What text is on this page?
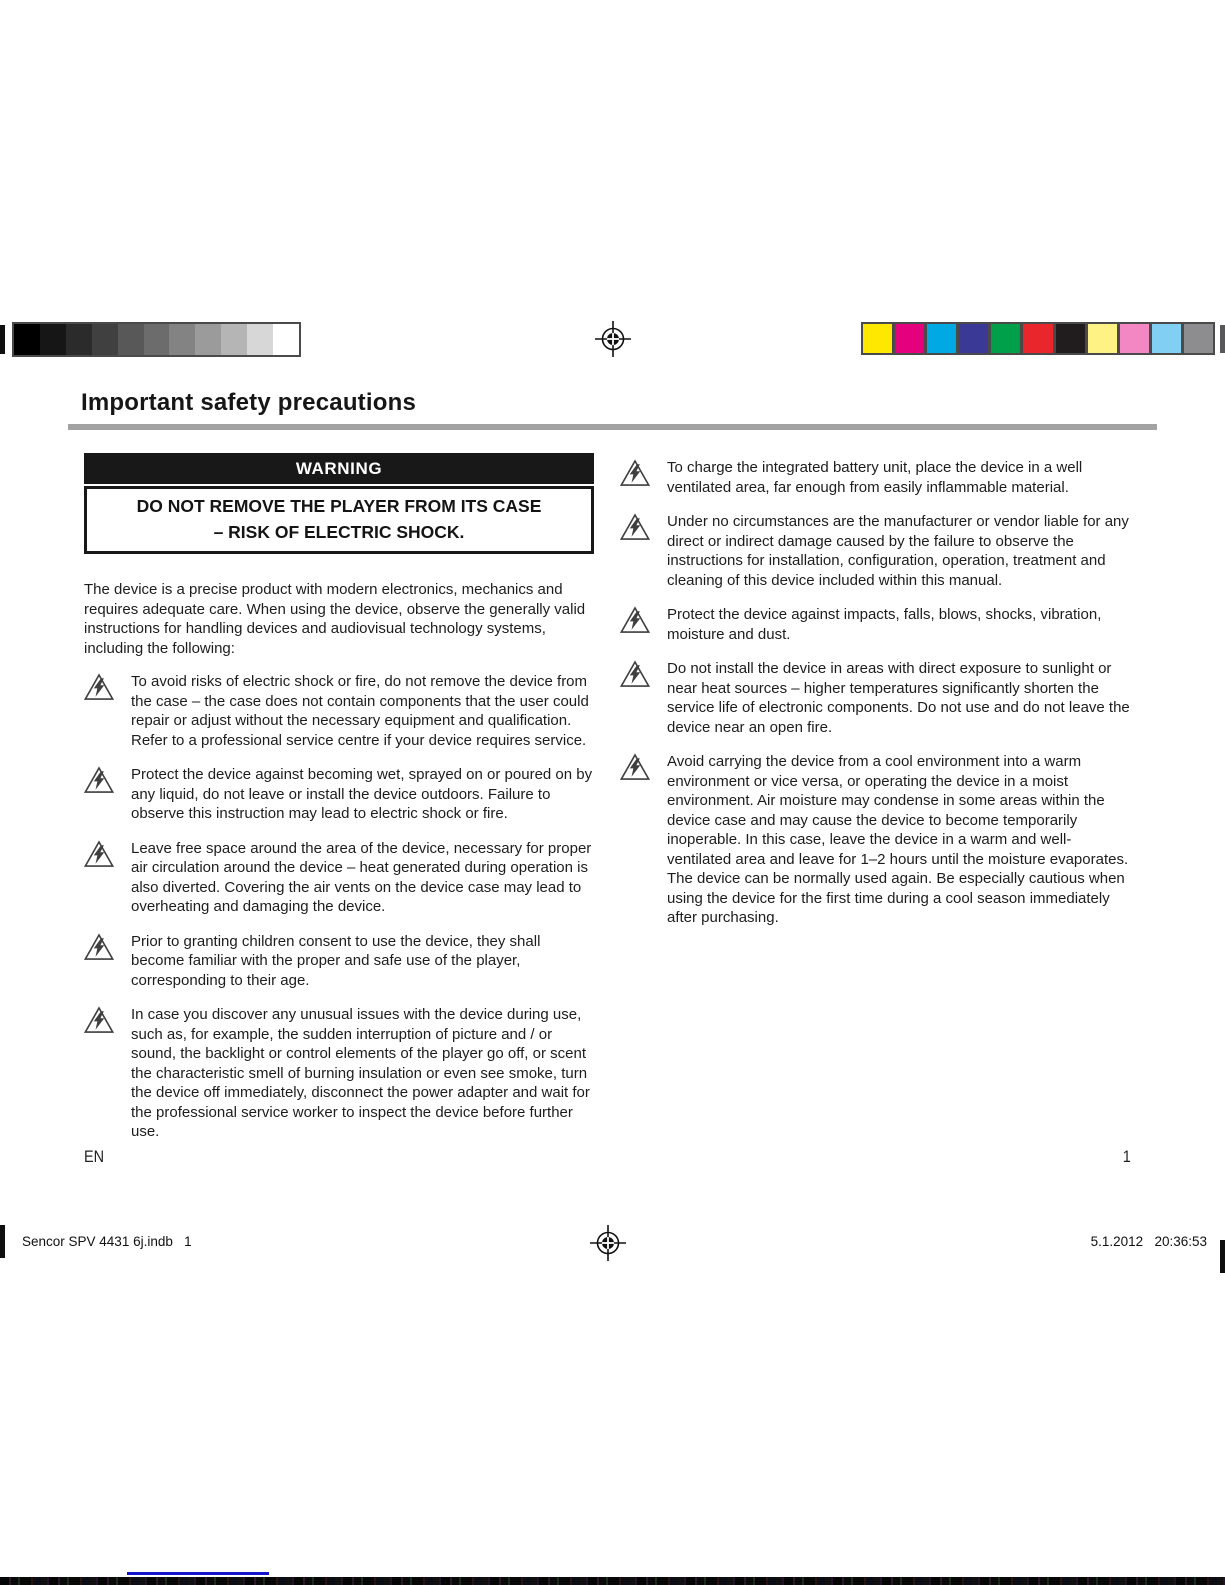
Important safety precautions
WARNING
DO NOT REMOVE THE PLAYER FROM ITS CASE
– RISK OF ELECTRIC SHOCK.

The device is a precise product with modern electronics, mechanics and requires adequate care. When using the device, observe the generally valid instructions for handling devices and audiovisual technology systems, including the following:

To avoid risks of electric shock or fire, do not remove the device from the case – the case does not contain components that the user could repair or adjust without the necessary equipment and qualification. Refer to a professional service centre if your device requires service.
Protect the device against becoming wet, sprayed on or poured on by any liquid, do not leave or install the device outdoors. Failure to observe this instruction may lead to electric shock or fire.
Leave free space around the area of the device, necessary for proper air circulation around the device – heat generated during operation is also diverted. Covering the air vents on the device case may lead to overheating and damaging the device.
Prior to granting children consent to use the device, they shall become familiar with the proper and safe use of the player, corresponding to their age.
In case you discover any unusual issues with the device during use, such as, for example, the sudden interruption of picture and / or sound, the backlight or control elements of the player go off, or scent the characteristic smell of burning insulation or even see smoke, turn the device off immediately, disconnect the power adapter and wait for the professional service worker to inspect the device before further use.
To charge the integrated battery unit, place the device in a well ventilated area, far enough from easily inflammable material.
Under no circumstances are the manufacturer or vendor liable for any direct or indirect damage caused by the failure to observe the instructions for installation, configuration, operation, treatment and cleaning of this device included within this manual.
Protect the device against impacts, falls, blows, shocks, vibration, moisture and dust.
Do not install the device in areas with direct exposure to sunlight or near heat sources – higher temperatures significantly shorten the service life of electronic components. Do not use and do not leave the device near an open fire.
Avoid carrying the device from a cool environment into a warm environment or vice versa, or operating the device in a moist environment. Air moisture may condense in some areas within the device case and may cause the device to become temporarily inoperable. In this case, leave the device in a warm and well-ventilated area and leave for 1–2 hours until the moisture evaporates. The device can be normally used again. Be especially cautious when using the device for the first time during a cool season immediately after purchasing.
EN	1
Sencor SPV 4431 6j.indb   1	5.1.2012   20:36:53
